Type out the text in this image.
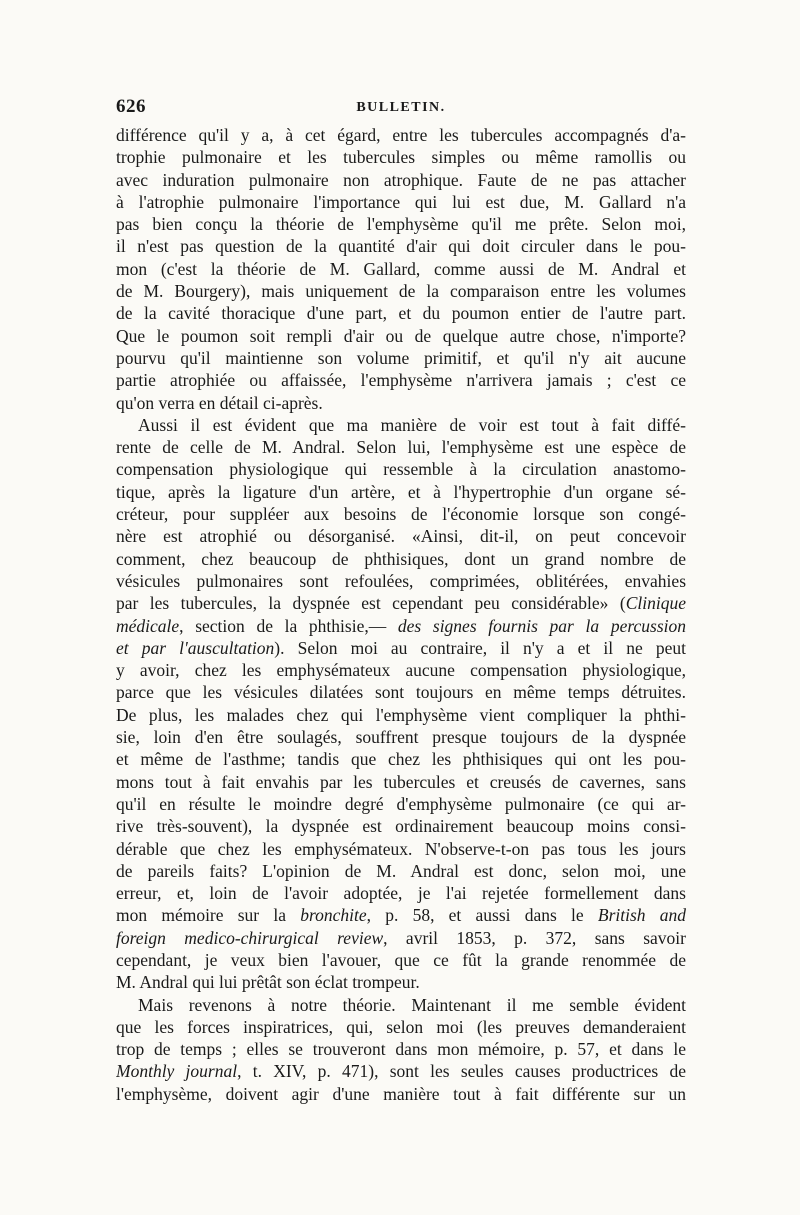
626	BULLETIN.
différence qu'il y a, à cet égard, entre les tubercules accompagnés d'a-
trophie pulmonaire et les tubercules simples ou même ramollis ou
avec induration pulmonaire non atrophique. Faute de ne pas attacher
à l'atrophie pulmonaire l'importance qui lui est due, M. Gallard n'a
pas bien conçu la théorie de l'emphysème qu'il me prête. Selon moi,
il n'est pas question de la quantité d'air qui doit circuler dans le pou-
mon (c'est la théorie de M. Gallard, comme aussi de M. Andral et
de M. Bourgery), mais uniquement de la comparaison entre les volumes
de la cavité thoracique d'une part, et du poumon entier de l'autre part.
Que le poumon soit rempli d'air ou de quelque autre chose, n'importe?
pourvu qu'il maintienne son volume primitif, et qu'il n'y ait aucune
partie atrophiée ou affaissée, l'emphysème n'arrivera jamais ; c'est ce
qu'on verra en détail ci-après.
Aussi il est évident que ma manière de voir est tout à fait diffé-
rente de celle de M. Andral. Selon lui, l'emphysème est une espèce de
compensation physiologique qui ressemble à la circulation anastomo-
tique, après la ligature d'un artère, et à l'hypertrophie d'un organe sé-
créteur, pour suppléer aux besoins de l'économie lorsque son congé-
nère est atrophié ou désorganisé. «Ainsi, dit-il, on peut concevoir
comment, chez beaucoup de phthisiques, dont un grand nombre de
vésicules pulmonaires sont refoulées, comprimées, oblitérées, envahies
par les tubercules, la dyspnée est cependant peu considérable» (Clinique
médicale, section de la phthisie,— des signes fournis par la percussion
et par l'auscultation). Selon moi au contraire, il n'y a et il ne peut
y avoir, chez les emphysémateux aucune compensation physiologique,
parce que les vésicules dilatées sont toujours en même temps détruites.
De plus, les malades chez qui l'emphysème vient compliquer la phthi-
sie, loin d'en être soulagés, souffrent presque toujours de la dyspnée
et même de l'asthme; tandis que chez les phthisiques qui ont les pou-
mons tout à fait envahis par les tubercules et creusés de cavernes, sans
qu'il en résulte le moindre degré d'emphysème pulmonaire (ce qui ar-
rive très-souvent), la dyspnée est ordinairement beaucoup moins consi-
dérable que chez les emphysémateux. N'observe-t-on pas tous les jours
de pareils faits? L'opinion de M. Andral est donc, selon moi, une
erreur, et, loin de l'avoir adoptée, je l'ai rejetée formellement dans
mon mémoire sur la bronchite, p. 58, et aussi dans le British and
foreign medico-chirurgical review, avril 1853, p. 372, sans savoir
cependant, je veux bien l'avouer, que ce fût la grande renommée de
M. Andral qui lui prêtât son éclat trompeur.
Mais revenons à notre théorie. Maintenant il me semble évident
que les forces inspiratrices, qui, selon moi (les preuves demanderaient
trop de temps ; elles se trouveront dans mon mémoire, p. 57, et dans le
Monthly journal, t. XIV, p. 471), sont les seules causes productrices de
l'emphysème, doivent agir d'une manière tout à fait différente sur un
